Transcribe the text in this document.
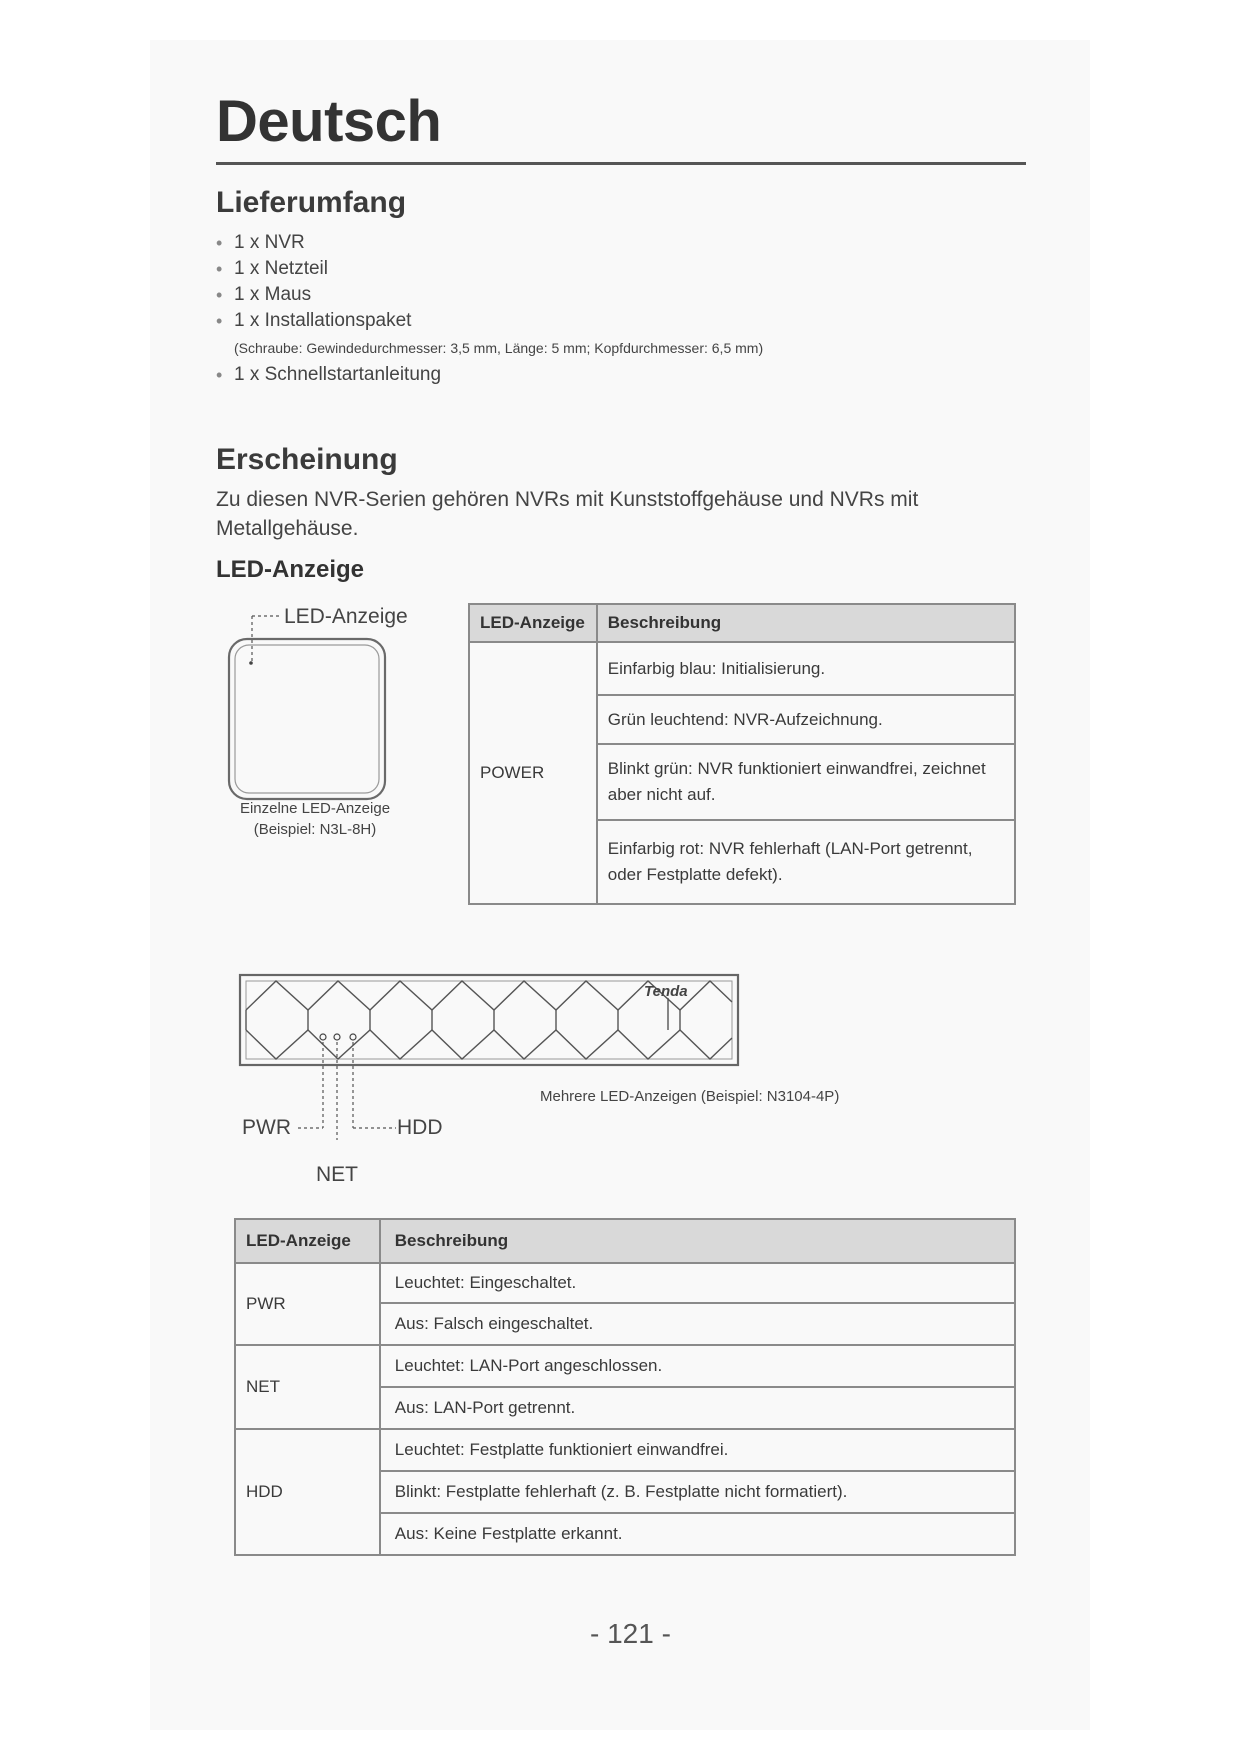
Deutsch
Lieferumfang
• 1 x NVR
• 1 x Netzteil
• 1 x Maus
• 1 x Installationspaket
(Schraube: Gewindedurchmesser: 3,5 mm, Länge: 5 mm; Kopfdurchmesser: 6,5 mm)
• 1 x Schnellstartanleitung
Erscheinung
Zu diesen NVR-Serien gehören NVRs mit Kunststoffgehäuse und NVRs mit Metallgehäuse.
LED-Anzeige
LED-Anzeige
Einzelne LED-Anzeige
(Beispiel: N3L-8H)
LED-Anzeige	Beschreibung
POWER	Einfarbig blau: Initialisierung.
	Grün leuchtend: NVR-Aufzeichnung.
	Blinkt grün: NVR funktioniert einwandfrei, zeichnet aber nicht auf.
	Einfarbig rot: NVR fehlerhaft (LAN-Port getrennt, oder Festplatte defekt).
Tenda
PWR	HDD
NET
Mehrere LED-Anzeigen (Beispiel: N3104-4P)
LED-Anzeige	Beschreibung
PWR	Leuchtet: Eingeschaltet.
	Aus: Falsch eingeschaltet.
NET	Leuchtet: LAN-Port angeschlossen.
	Aus: LAN-Port getrennt.
HDD	Leuchtet: Festplatte funktioniert einwandfrei.
	Blinkt: Festplatte fehlerhaft (z. B. Festplatte nicht formatiert).
	Aus: Keine Festplatte erkannt.
- 121 -
